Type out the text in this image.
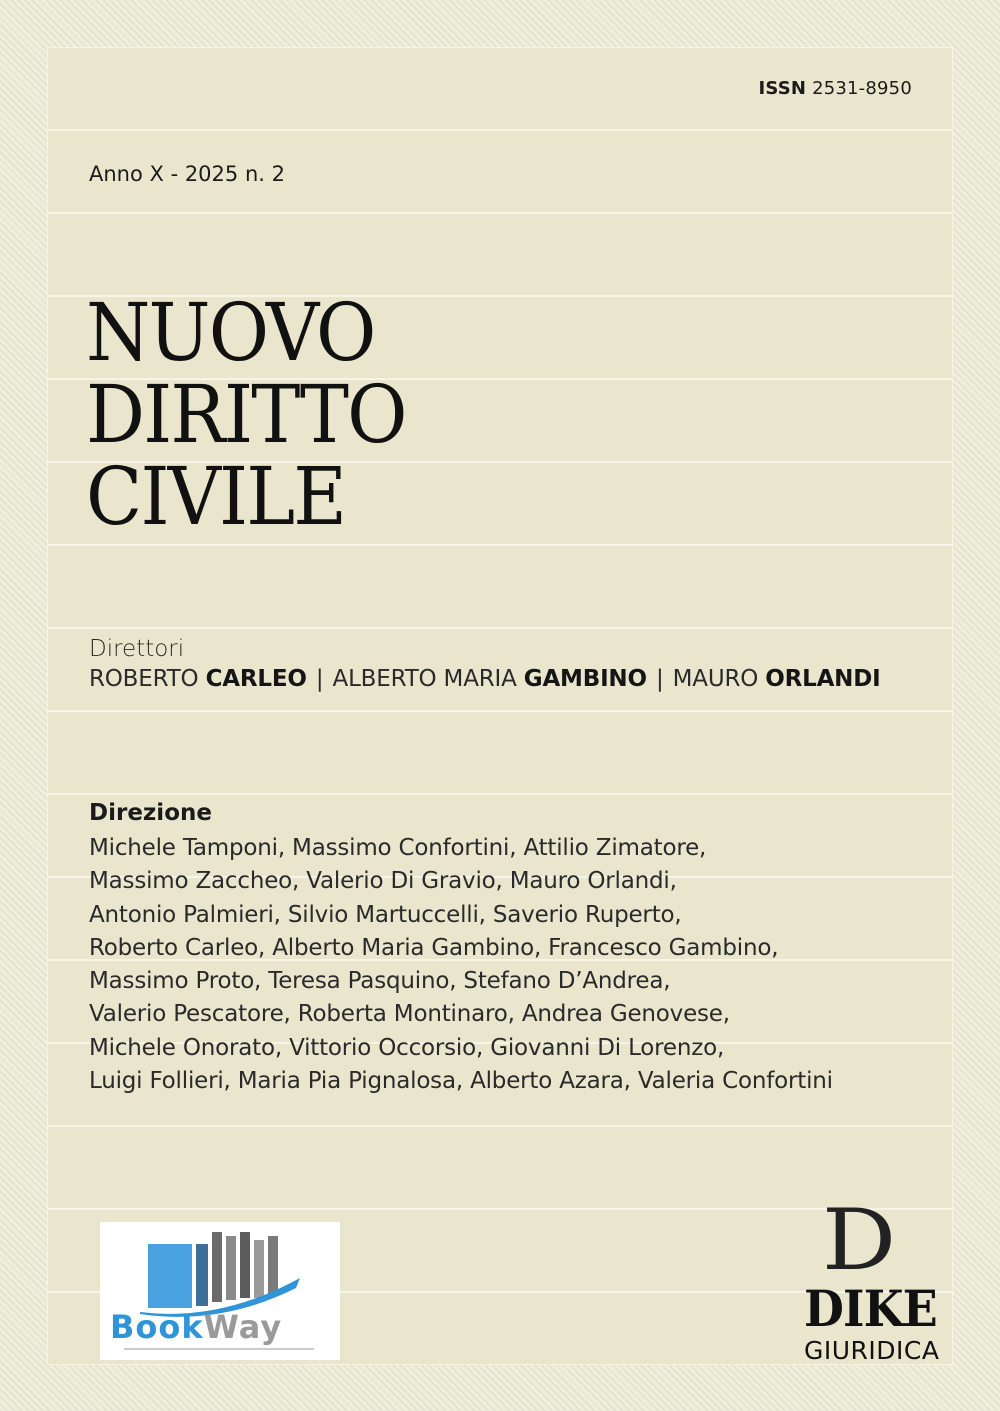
ISSN 2531-8950
Anno X - 2025 n. 2
NUOVO
DIRITTO
CIVILE
Direttori
ROBERTO CARLEO | ALBERTO MARIA GAMBINO | MAURO ORLANDI
Direzione
Michele Tamponi, Massimo Confortini, Attilio Zimatore,
Massimo Zaccheo, Valerio Di Gravio, Mauro Orlandi,
Antonio Palmieri, Silvio Martuccelli, Saverio Ruperto,
Roberto Carleo, Alberto Maria Gambino, Francesco Gambino,
Massimo Proto, Teresa Pasquino, Stefano D’Andrea,
Valerio Pescatore, Roberta Montinaro, Andrea Genovese,
Michele Onorato, Vittorio Occorsio, Giovanni Di Lorenzo,
Luigi Follieri, Maria Pia Pignalosa, Alberto Azara, Valeria Confortini
BookWay
D
DIKE
GIURIDICA
